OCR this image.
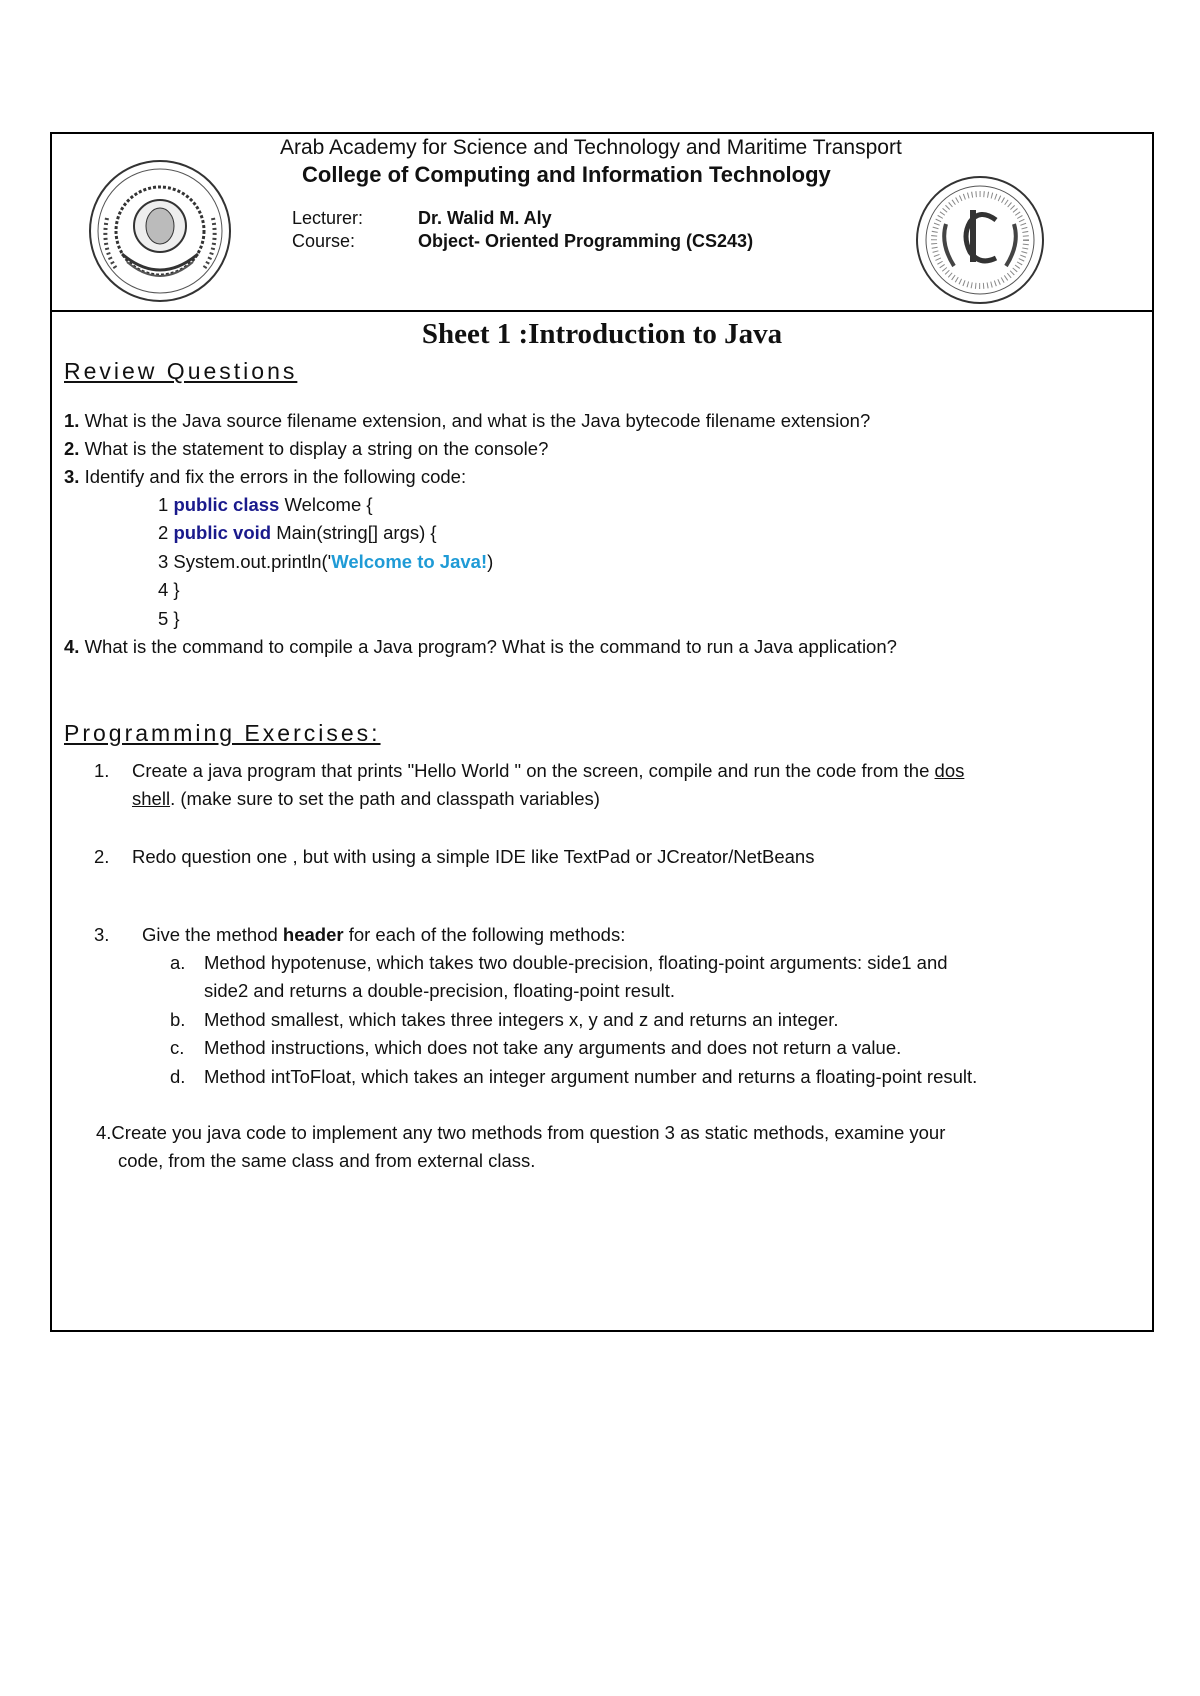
Arab Academy for Science and Technology and Maritime Transport
College of Computing and Information Technology
Lecturer:	Dr. Walid M. Aly
Course:	Object- Oriented Programming (CS243)
Sheet 1 :Introduction to Java
Review Questions
1. What is the Java source filename extension, and what is the Java bytecode filename extension?
2. What is the statement to display a string on the console?
3. Identify and fix the errors in the following code:
1 public class Welcome {
2 public void Main(string[] args) {
3 System.out.println('Welcome to Java!)
4 }
5 }
4. What is the command to compile a Java program? What is the command to run a Java application?
Programming Exercises:
1. Create a java program that prints "Hello World " on the screen, compile and run the code from the dos
shell. (make sure to set the path and classpath variables)
2. Redo question one , but with using a simple IDE like TextPad or JCreator/NetBeans
3. Give the method header for each of the following methods:
a. Method hypotenuse, which takes two double-precision, floating-point arguments: side1 and
side2 and returns a double-precision, floating-point result.
b. Method smallest, which takes three integers x, y and z and returns an integer.
c. Method instructions, which does not take any arguments and does not return a value.
d. Method intToFloat, which takes an integer argument number and returns a floating-point result.
4.Create you java code to implement any two methods from question 3 as static methods, examine your
code, from the same class and from external class.
